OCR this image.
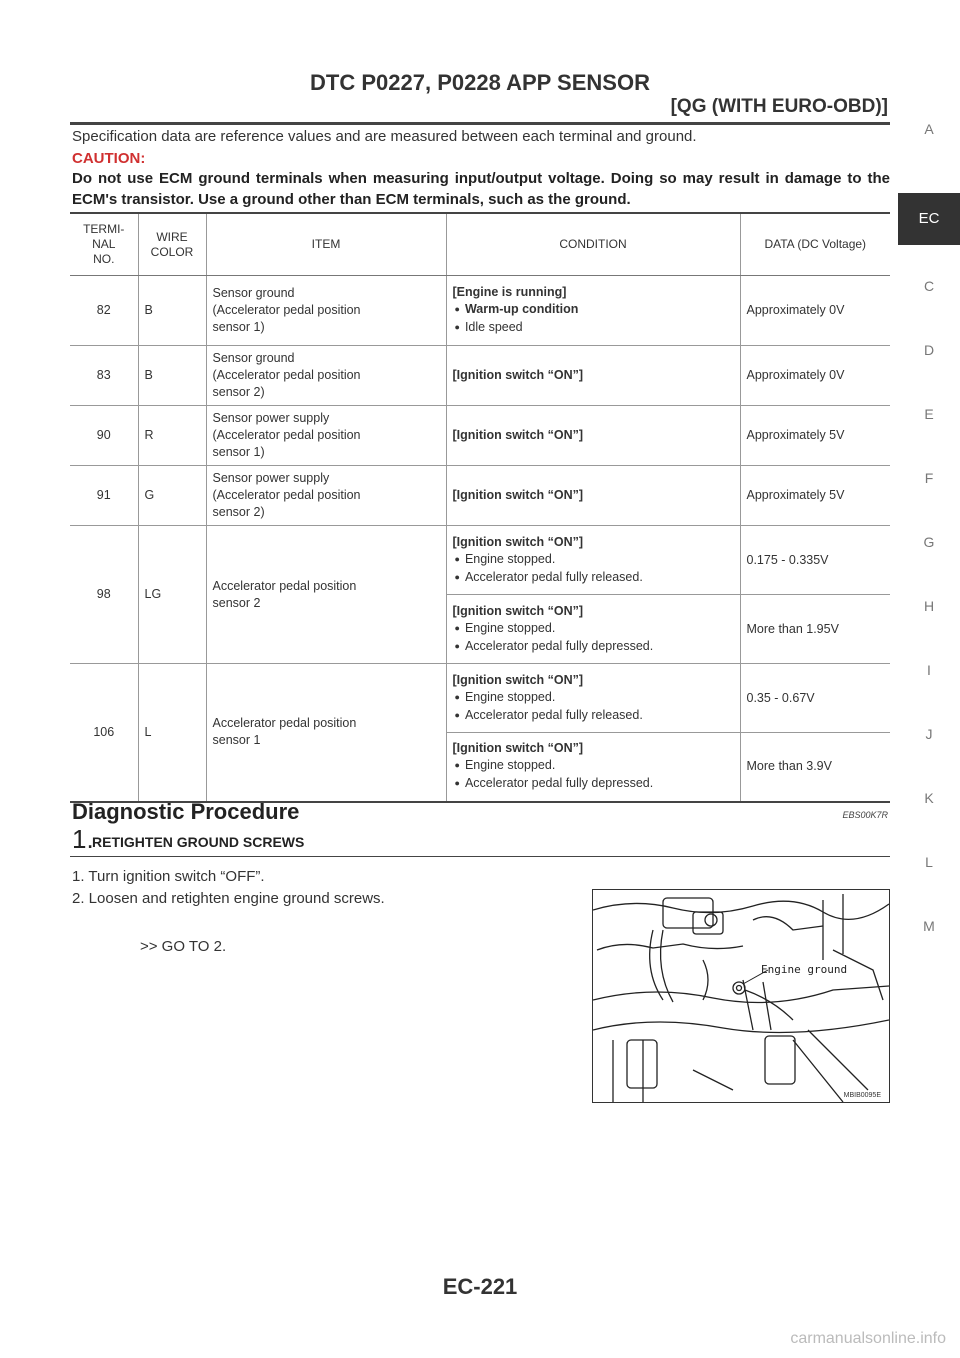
DTC P0227, P0228 APP SENSOR
[QG (WITH EURO-OBD)]
Specification data are reference values and are measured between each terminal and ground.
CAUTION:
Do not use ECM ground terminals when measuring input/output voltage. Doing so may result in damage to the ECM's transistor. Use a ground other than ECM terminals, such as the ground.
A
EC
C
D
E
F
G
H
I
J
K
L
M
TERMI-
NAL
NO.	WIRE
COLOR	ITEM	CONDITION	DATA (DC Voltage)
82	B	Sensor ground
(Accelerator pedal position
sensor 1)	[Engine is running]
● Warm-up condition
● Idle speed	Approximately 0V
83	B	Sensor ground
(Accelerator pedal position
sensor 2)	[Ignition switch “ON”]	Approximately 0V
90	R	Sensor power supply
(Accelerator pedal position
sensor 1)	[Ignition switch “ON”]	Approximately 5V
91	G	Sensor power supply
(Accelerator pedal position
sensor 2)	[Ignition switch “ON”]	Approximately 5V
98	LG	Accelerator pedal position
sensor 2	[Ignition switch “ON”]
● Engine stopped.
● Accelerator pedal fully released.	0.175 - 0.335V
			[Ignition switch “ON”]
● Engine stopped.
● Accelerator pedal fully depressed.	More than 1.95V
106	L	Accelerator pedal position
sensor 1	[Ignition switch “ON”]
● Engine stopped.
● Accelerator pedal fully released.	0.35 - 0.67V
			[Ignition switch “ON”]
● Engine stopped.
● Accelerator pedal fully depressed.	More than 3.9V
Diagnostic Procedure	EBS00K7R
1.
RETIGHTEN GROUND SCREWS
1. Turn ignition switch “OFF”.
2. Loosen and retighten engine ground screws.
>> GO TO 2.
Engine ground
MBIB0095E
EC-221
carmanualsonline.info
